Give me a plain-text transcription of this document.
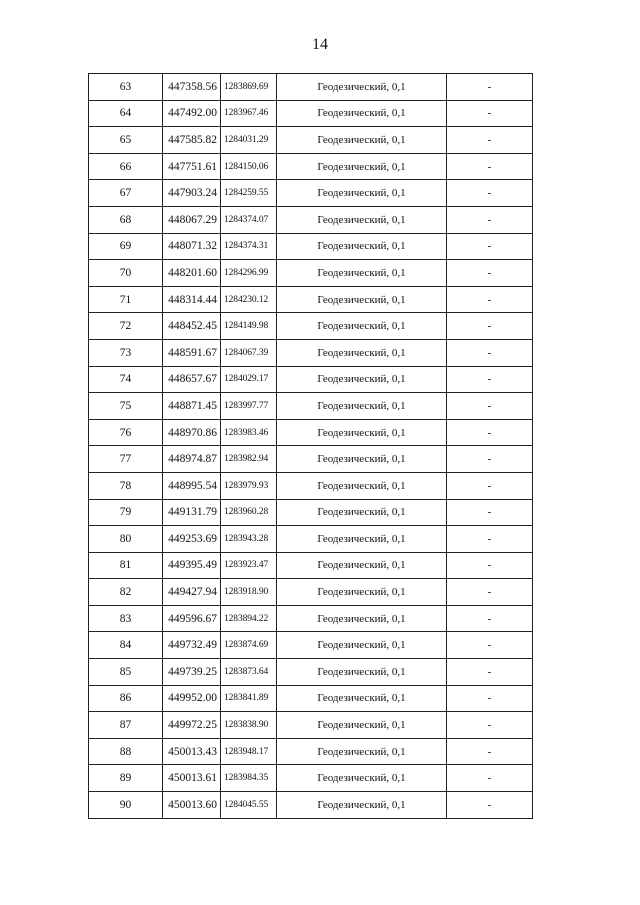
14
63	447358.56	1283869.69	Геодезический, 0,1	-
64	447492.00	1283967.46	Геодезический, 0,1	-
65	447585.82	1284031.29	Геодезический, 0,1	-
66	447751.61	1284150.06	Геодезический, 0,1	-
67	447903.24	1284259.55	Геодезический, 0,1	-
68	448067.29	1284374.07	Геодезический, 0,1	-
69	448071.32	1284374.31	Геодезический, 0,1	-
70	448201.60	1284296.99	Геодезический, 0,1	-
71	448314.44	1284230.12	Геодезический, 0,1	-
72	448452.45	1284149.98	Геодезический, 0,1	-
73	448591.67	1284067.39	Геодезический, 0,1	-
74	448657.67	1284029.17	Геодезический, 0,1	-
75	448871.45	1283997.77	Геодезический, 0,1	-
76	448970.86	1283983.46	Геодезический, 0,1	-
77	448974.87	1283982.94	Геодезический, 0,1	-
78	448995.54	1283979.93	Геодезический, 0,1	-
79	449131.79	1283960.28	Геодезический, 0,1	-
80	449253.69	1283943.28	Геодезический, 0,1	-
81	449395.49	1283923.47	Геодезический, 0,1	-
82	449427.94	1283918.90	Геодезический, 0,1	-
83	449596.67	1283894.22	Геодезический, 0,1	-
84	449732.49	1283874.69	Геодезический, 0,1	-
85	449739.25	1283873.64	Геодезический, 0,1	-
86	449952.00	1283841.89	Геодезический, 0,1	-
87	449972.25	1283838.90	Геодезический, 0,1	-
88	450013.43	1283948.17	Геодезический, 0,1	-
89	450013.61	1283984.35	Геодезический, 0,1	-
90	450013.60	1284045.55	Геодезический, 0,1	-
